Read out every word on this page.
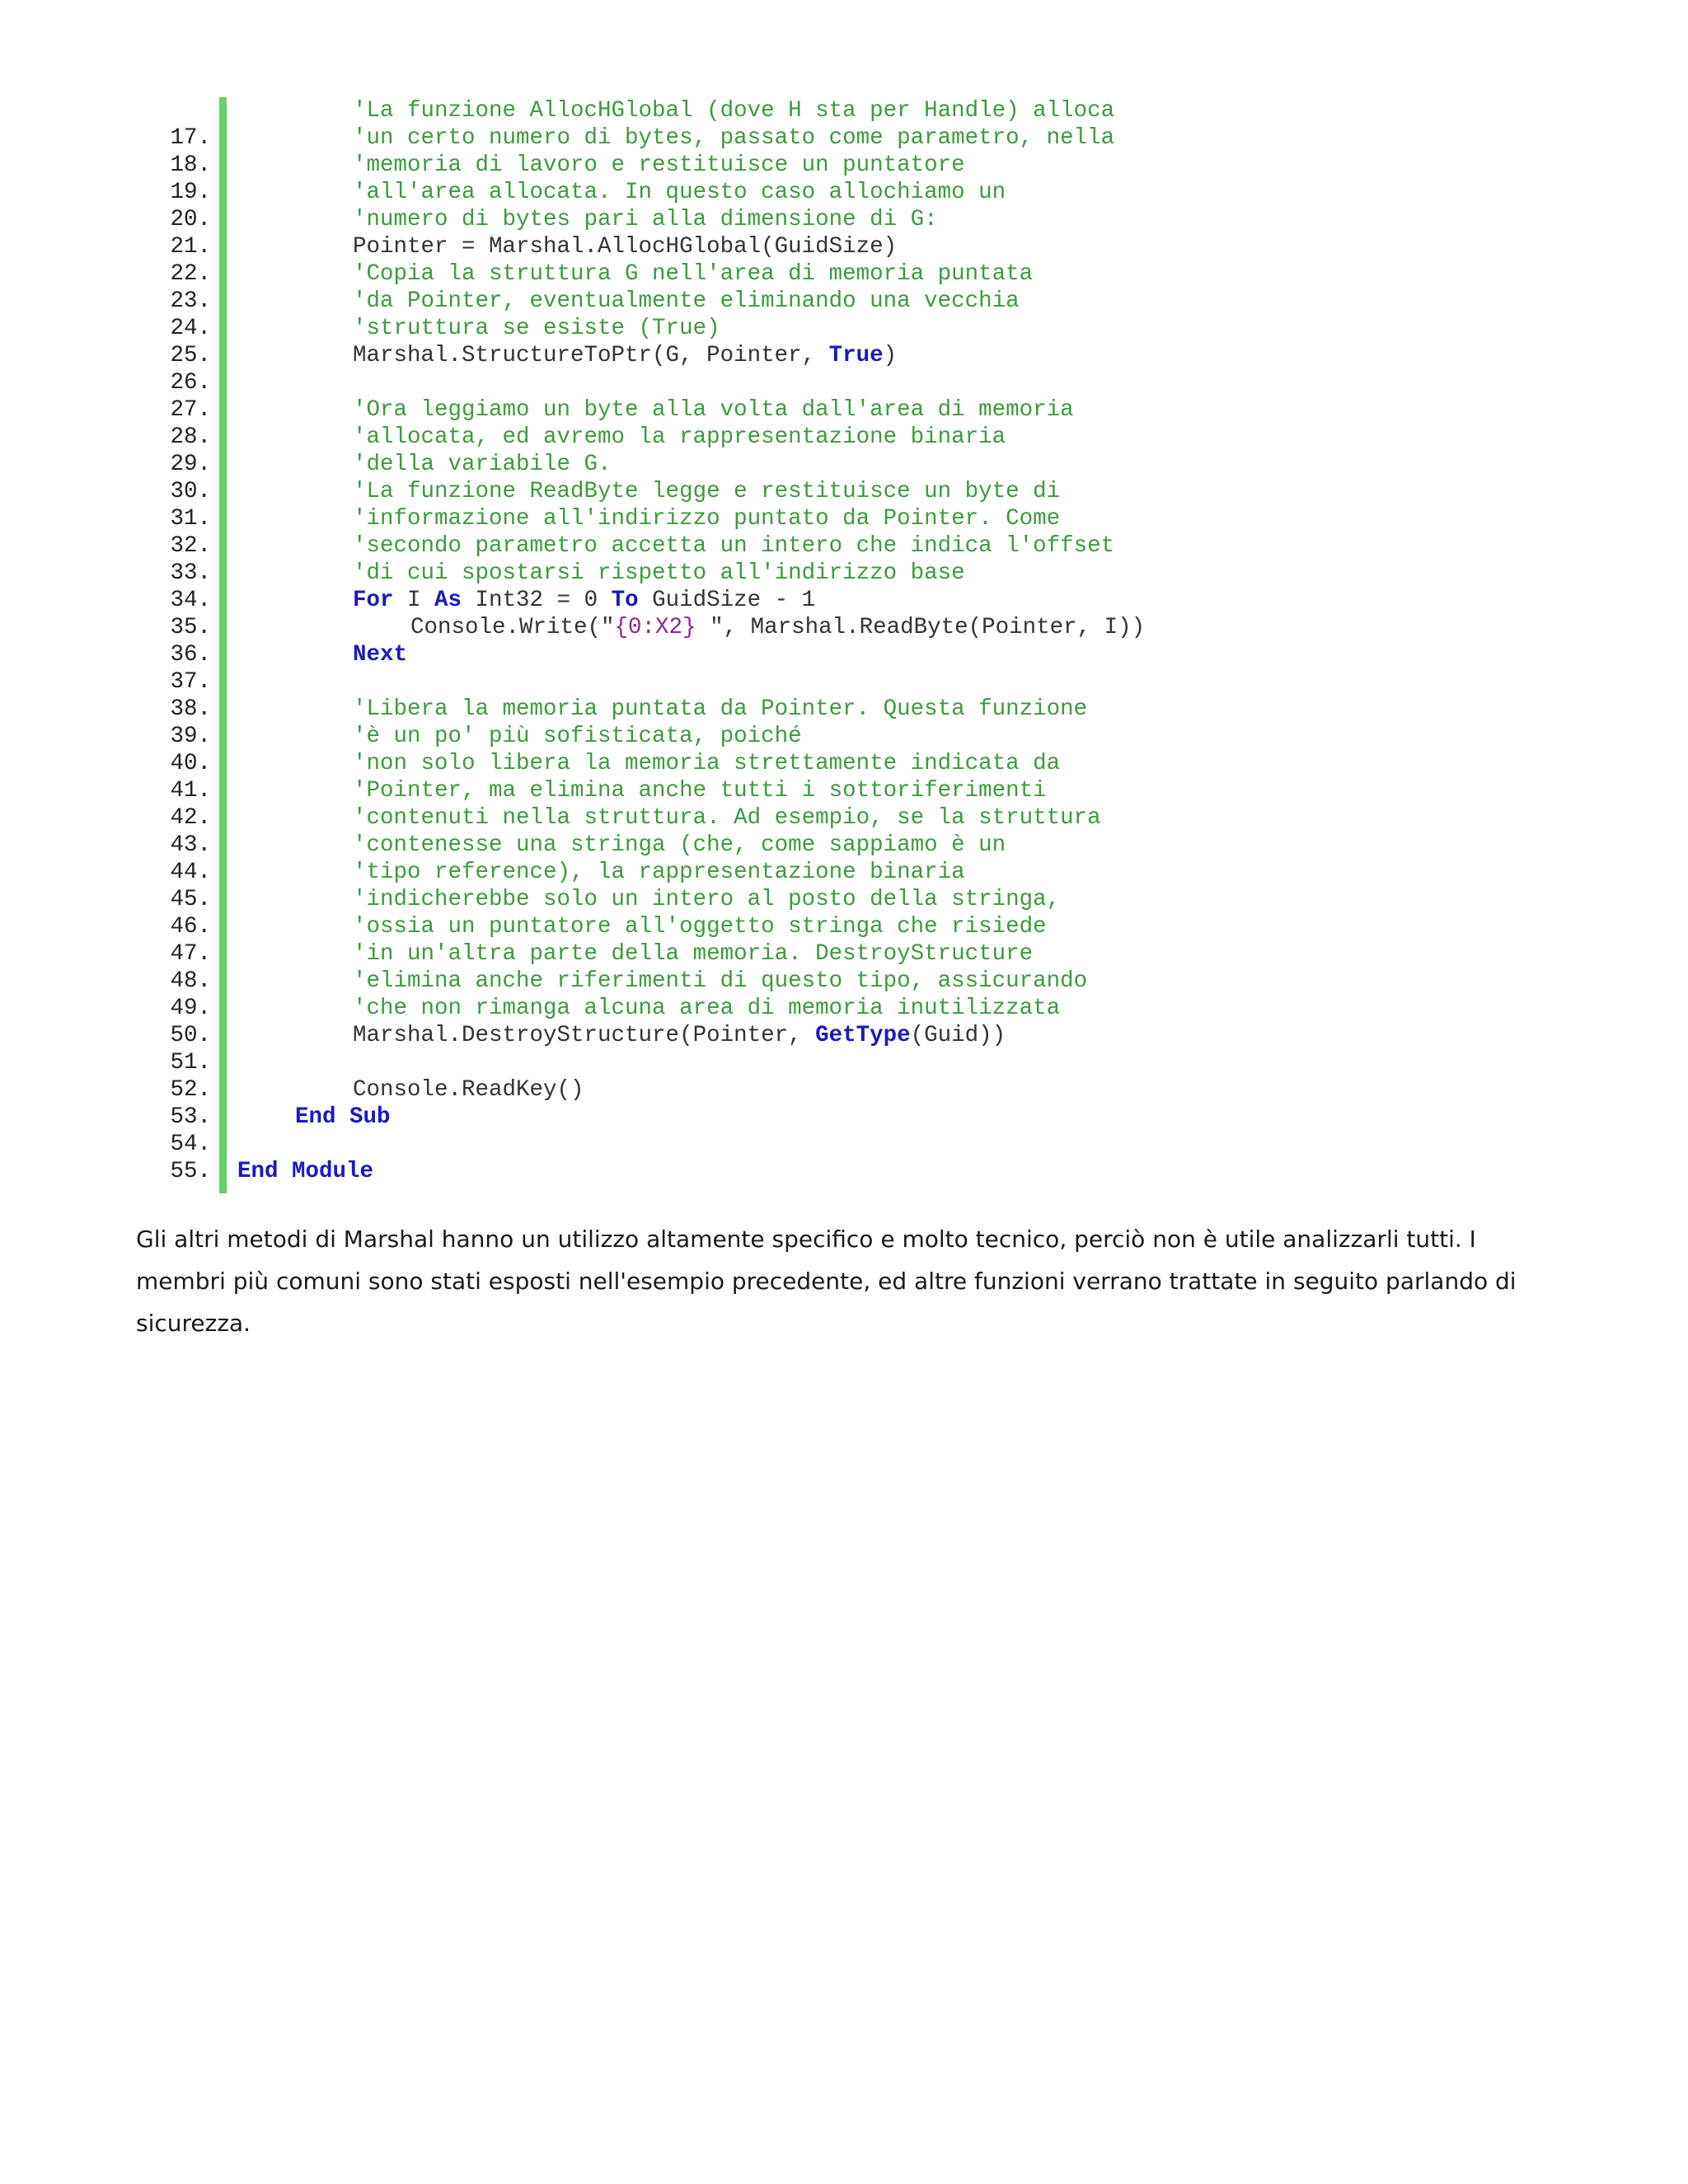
'La funzione AllocHGlobal (dove H sta per Handle) alloca
17.	'un certo numero di bytes, passato come parametro, nella
18.	'memoria di lavoro e restituisce un puntatore
19.	'all'area allocata. In questo caso allochiamo un
20.	'numero di bytes pari alla dimensione di G:
21.	Pointer = Marshal.AllocHGlobal(GuidSize)
22.	'Copia la struttura G nell'area di memoria puntata
23.	'da Pointer, eventualmente eliminando una vecchia
24.	'struttura se esiste (True)
25.	Marshal.StructureToPtr(G, Pointer, True)
26.
27.	'Ora leggiamo un byte alla volta dall'area di memoria
28.	'allocata, ed avremo la rappresentazione binaria
29.	'della variabile G.
30.	'La funzione ReadByte legge e restituisce un byte di
31.	'informazione all'indirizzo puntato da Pointer. Come
32.	'secondo parametro accetta un intero che indica l'offset
33.	'di cui spostarsi rispetto all'indirizzo base
34.	For I As Int32 = 0 To GuidSize - 1
35.	Console.Write("{0:X2} ", Marshal.ReadByte(Pointer, I))
36.	Next
37.
38.	'Libera la memoria puntata da Pointer. Questa funzione
39.	'è un po' più sofisticata, poiché
40.	'non solo libera la memoria strettamente indicata da
41.	'Pointer, ma elimina anche tutti i sottoriferimenti
42.	'contenuti nella struttura. Ad esempio, se la struttura
43.	'contenesse una stringa (che, come sappiamo è un
44.	'tipo reference), la rappresentazione binaria
45.	'indicherebbe solo un intero al posto della stringa,
46.	'ossia un puntatore all'oggetto stringa che risiede
47.	'in un'altra parte della memoria. DestroyStructure
48.	'elimina anche riferimenti di questo tipo, assicurando
49.	'che non rimanga alcuna area di memoria inutilizzata
50.	Marshal.DestroyStructure(Pointer, GetType(Guid))
51.
52.	Console.ReadKey()
53.	End Sub
54.
55. End Module

Gli altri metodi di Marshal hanno un utilizzo altamente specifico e molto tecnico, perciò non è utile analizzarli tutti. I membri più comuni sono stati esposti nell'esempio precedente, ed altre funzioni verrano trattate in seguito parlando di sicurezza.
